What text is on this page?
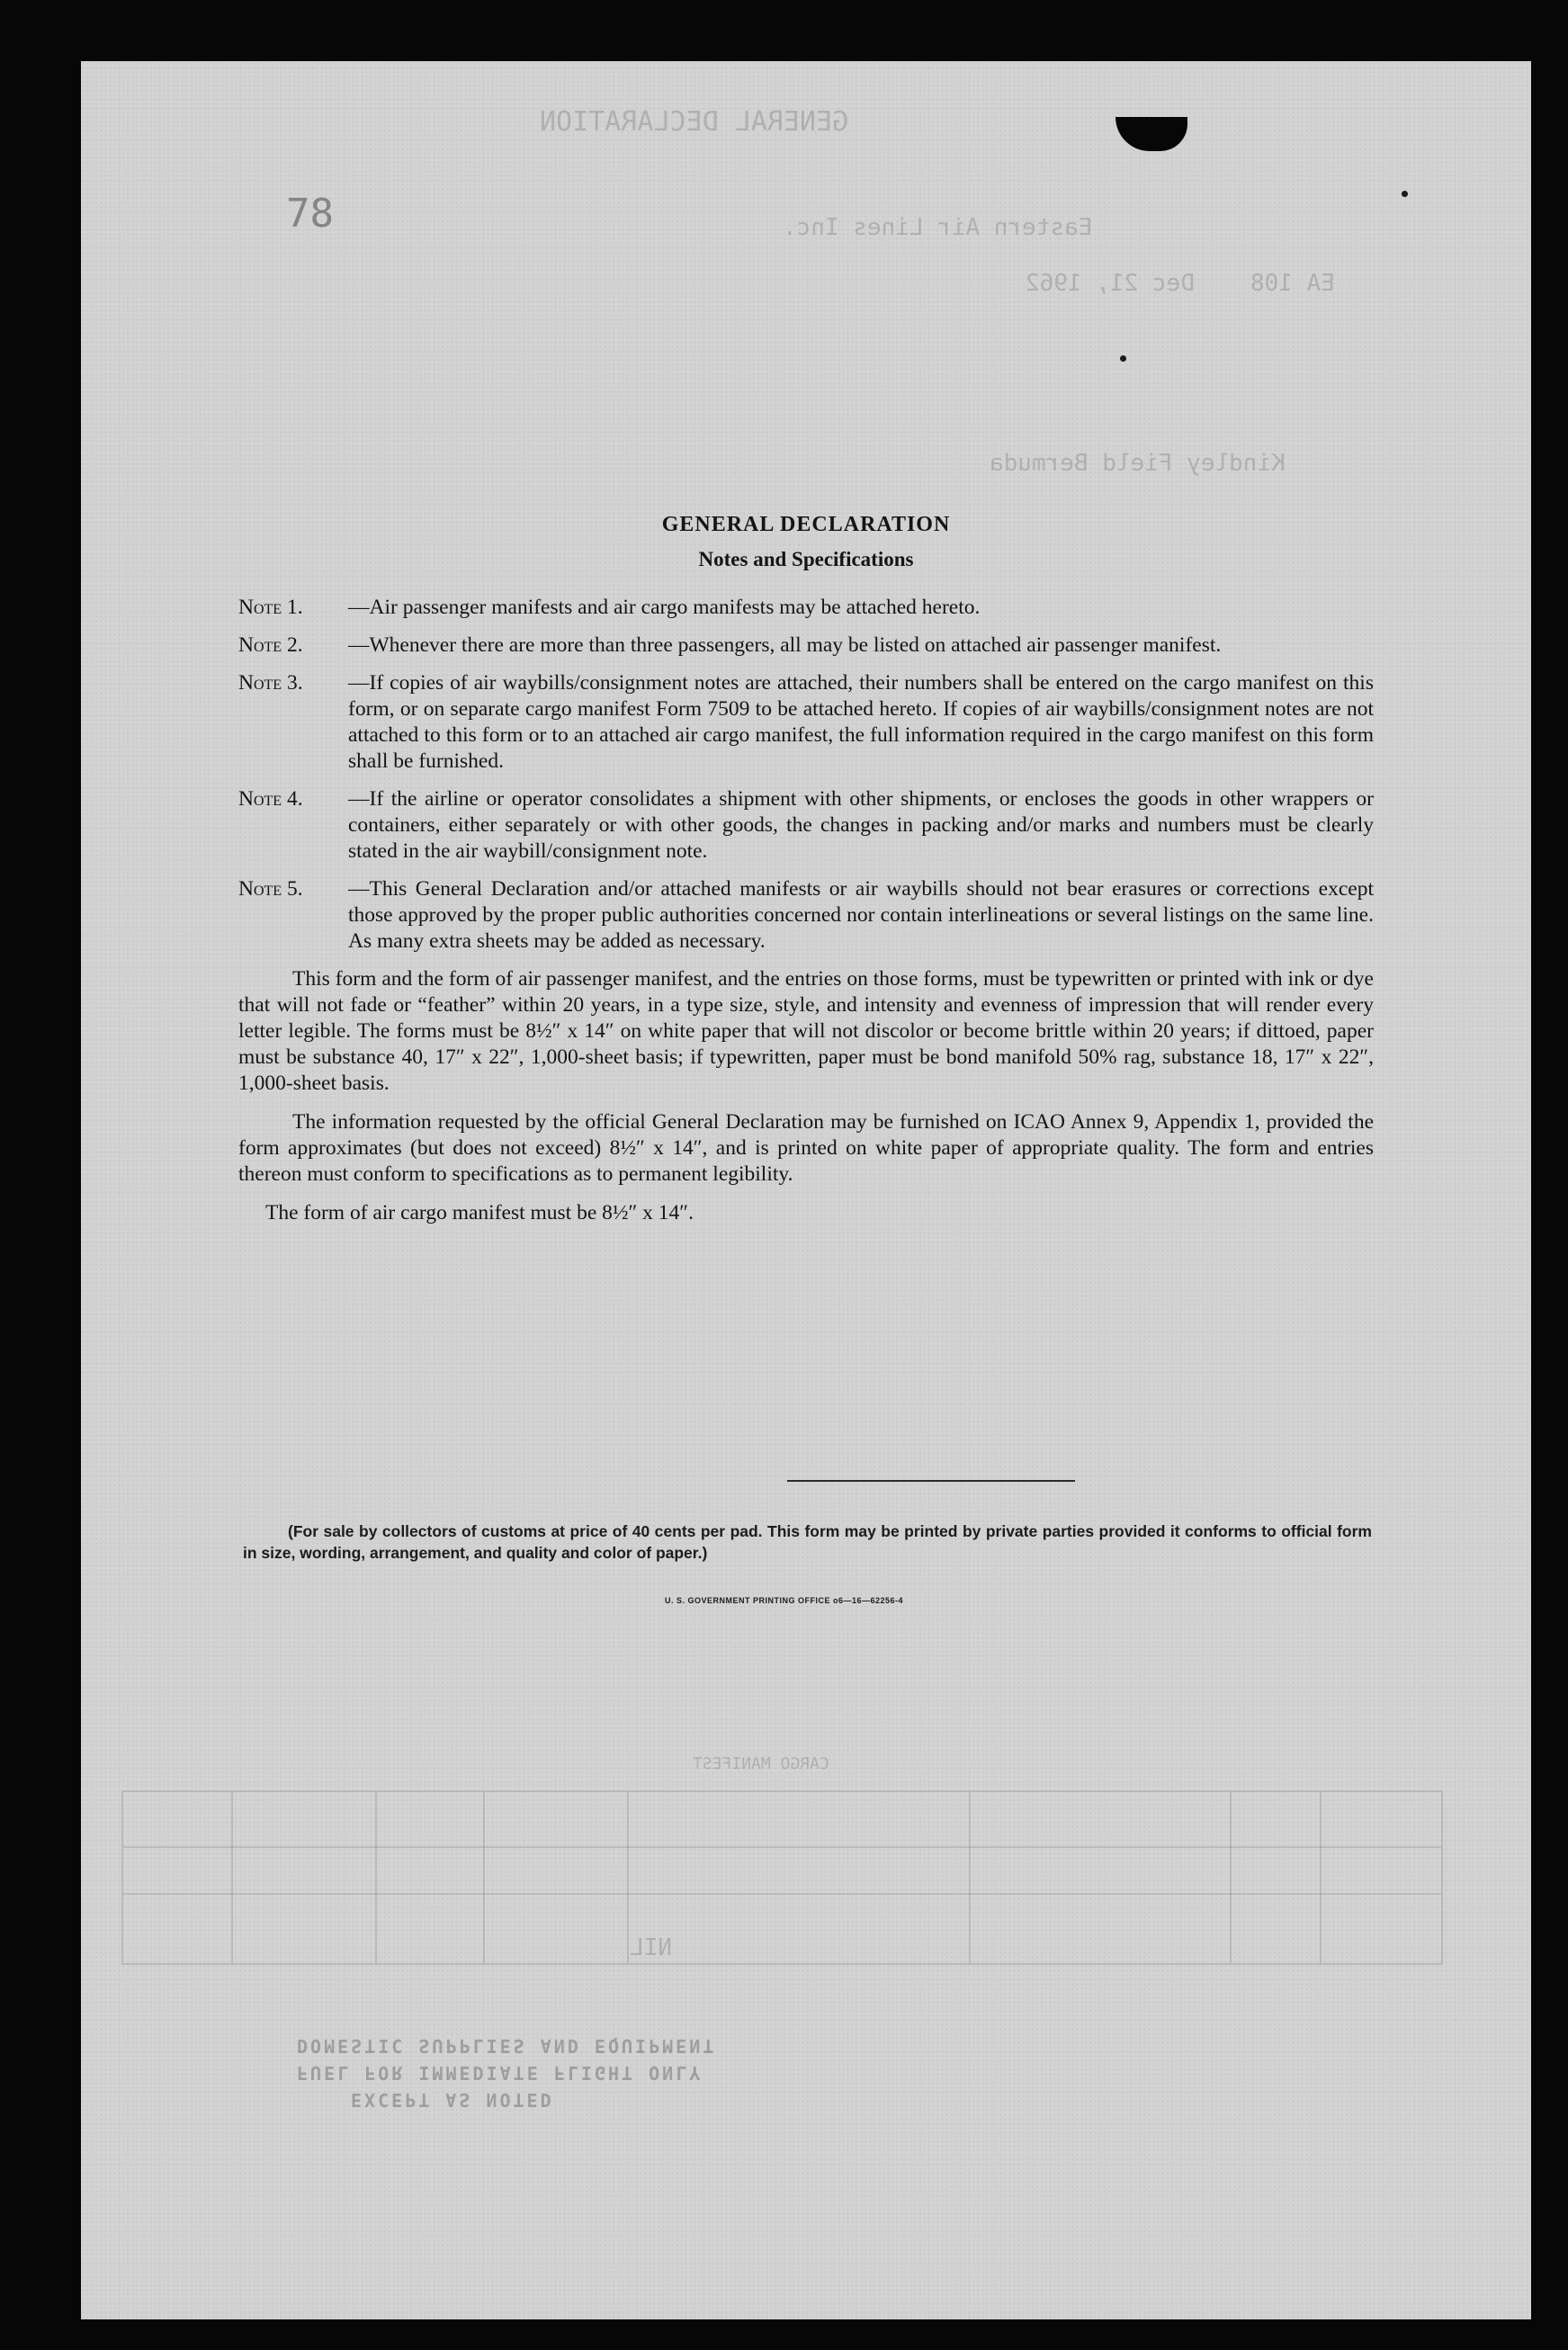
GENERAL DECLARATION
Eastern Air Lines Inc.
EA 108
Dec 21, 1962
Kindley Field Bermuda
CARGO MANIFEST
NIL
DOMESTIC SUPPLIES AND EQUIPMENT
FUEL FOR IMMEDIATE FLIGHT ONLY
EXCEPT AS NOTED
78
GENERAL DECLARATION
Notes and Specifications
Note 1.	—Air passenger manifests and air cargo manifests may be attached hereto.
Note 2.	—Whenever there are more than three passengers, all may be listed on attached air passenger manifest.
Note 3.	—If copies of air waybills/consignment notes are attached, their numbers shall be entered on the cargo manifest on this form, or on separate cargo manifest Form 7509 to be attached hereto. If copies of air waybills/consignment notes are not attached to this form or to an attached air cargo manifest, the full information required in the cargo manifest on this form shall be furnished.
Note 4.	—If the airline or operator consolidates a shipment with other shipments, or encloses the goods in other wrappers or containers, either separately or with other goods, the changes in packing and/or marks and numbers must be clearly stated in the air waybill/consignment note.
Note 5.	—This General Declaration and/or attached manifests or air waybills should not bear erasures or corrections except those approved by the proper public authorities concerned nor contain interlineations or several listings on the same line. As many extra sheets may be added as necessary.

This form and the form of air passenger manifest, and the entries on those forms, must be typewritten or printed with ink or dye that will not fade or “feather” within 20 years, in a type size, style, and intensity and evenness of impression that will render every letter legible. The forms must be 8½″ x 14″ on white paper that will not discolor or become brittle within 20 years; if dittoed, paper must be substance 40, 17″ x 22″, 1,000-sheet basis; if typewritten, paper must be bond manifold 50% rag, substance 18, 17″ x 22″, 1,000-sheet basis.

The information requested by the official General Declaration may be furnished on ICAO Annex 9, Appendix 1, provided the form approximates (but does not exceed) 8½″ x 14″, and is printed on white paper of appropriate quality. The form and entries thereon must conform to specifications as to permanent legibility.

The form of air cargo manifest must be 8½″ x 14″.

(For sale by collectors of customs at price of 40 cents per pad. This form may be printed by private parties provided it conforms to official form in size, wording, arrangement, and quality and color of paper.)
U. S. GOVERNMENT PRINTING OFFICE o6—16—62256-4
